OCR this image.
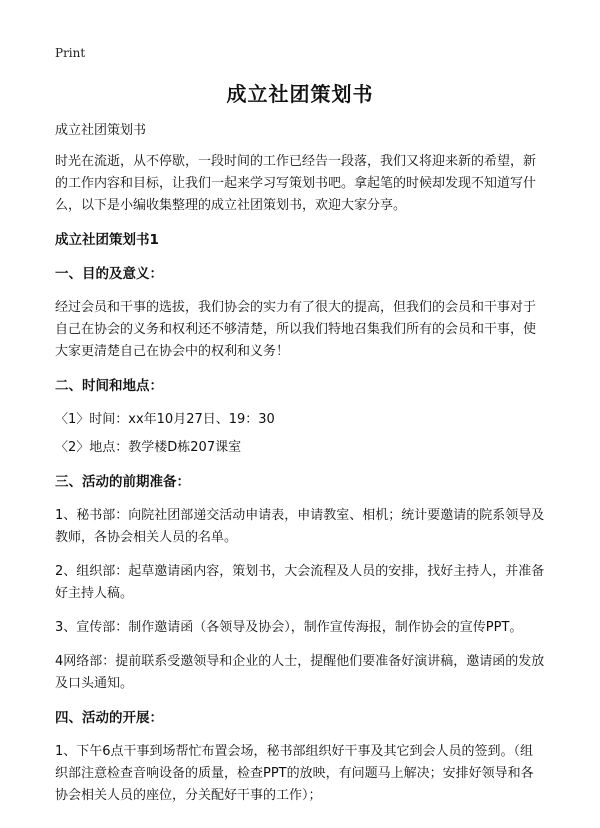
Print
成立社团策划书

成立社团策划书

时光在流逝，从不停歇，一段时间的工作已经告一段落，我们又将迎来新的希望，新的工作内容和目标，让我们一起来学习写策划书吧。拿起笔的时候却发现不知道写什么，以下是小编收集整理的成立社团策划书，欢迎大家分享。

成立社团策划书1

一、目的及意义：

经过会员和干事的选拔，我们协会的实力有了很大的提高，但我们的会员和干事对于自己在协会的义务和权利还不够清楚，所以我们特地召集我们所有的会员和干事，使大家更清楚自己在协会中的权利和义务！

二、时间和地点：

〈1〉时间：xx年10月27日、19：30

〈2〉地点：教学楼D栋207课室

三、活动的前期准备：

1、秘书部：向院社团部递交活动申请表，申请教室、相机；统计要邀请的院系领导及教师，各协会相关人员的名单。

2、组织部：起草邀请函内容，策划书，大会流程及人员的安排，找好主持人，并准备好主持人稿。

3、宣传部：制作邀请函（各领导及协会），制作宣传海报，制作协会的宣传PPT。

4网络部：提前联系受邀领导和企业的人士，提醒他们要准备好演讲稿，邀请函的发放及口头通知。

四、活动的开展：

1、下午6点干事到场帮忙布置会场，秘书部组织好干事及其它到会人员的签到。（组织部注意检查音响设备的质量，检查PPT的放映，有问题马上解决；安排好领导和各协会相关人员的座位，分关配好干事的工作）；
